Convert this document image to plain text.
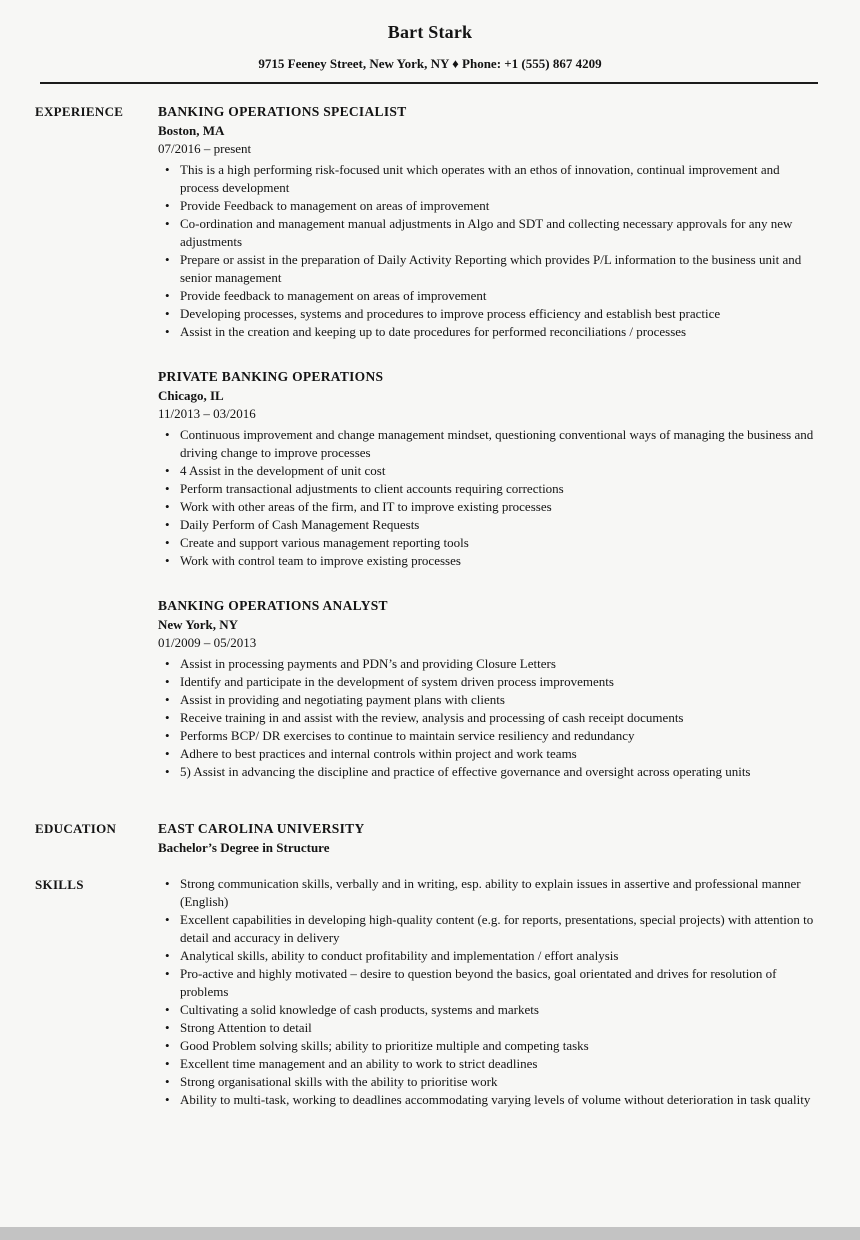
Bart Stark
9715 Feeney Street, New York, NY ♦ Phone: +1 (555) 867 4209
EXPERIENCE	BANKING OPERATIONS SPECIALIST
Boston, MA
07/2016 – present
• This is a high performing risk-focused unit which operates with an ethos of innovation, continual improvement and process development
• Provide Feedback to management on areas of improvement
• Co-ordination and management manual adjustments in Algo and SDT and collecting necessary approvals for any new adjustments
• Prepare or assist in the preparation of Daily Activity Reporting which provides P/L information to the business unit and senior management
• Provide feedback to management on areas of improvement
• Developing processes, systems and procedures to improve process efficiency and establish best practice
• Assist in the creation and keeping up to date procedures for performed reconciliations / processes
PRIVATE BANKING OPERATIONS
Chicago, IL
11/2013 – 03/2016
• Continuous improvement and change management mindset, questioning conventional ways of managing the business and driving change to improve processes
• 4 Assist in the development of unit cost
• Perform transactional adjustments to client accounts requiring corrections
• Work with other areas of the firm, and IT to improve existing processes
• Daily Perform of Cash Management Requests
• Create and support various management reporting tools
• Work with control team to improve existing processes
BANKING OPERATIONS ANALYST
New York, NY
01/2009 – 05/2013
• Assist in processing payments and PDN’s and providing Closure Letters
• Identify and participate in the development of system driven process improvements
• Assist in providing and negotiating payment plans with clients
• Receive training in and assist with the review, analysis and processing of cash receipt documents
• Performs BCP/ DR exercises to continue to maintain service resiliency and redundancy
• Adhere to best practices and internal controls within project and work teams
• 5) Assist in advancing the discipline and practice of effective governance and oversight across operating units
EDUCATION	EAST CAROLINA UNIVERSITY
Bachelor’s Degree in Structure
SKILLS	• Strong communication skills, verbally and in writing, esp. ability to explain issues in assertive and professional manner (English)
• Excellent capabilities in developing high-quality content (e.g. for reports, presentations, special projects) with attention to detail and accuracy in delivery
• Analytical skills, ability to conduct profitability and implementation / effort analysis
• Pro-active and highly motivated – desire to question beyond the basics, goal orientated and drives for resolution of problems
• Cultivating a solid knowledge of cash products, systems and markets
• Strong Attention to detail
• Good Problem solving skills; ability to prioritize multiple and competing tasks
• Excellent time management and an ability to work to strict deadlines
• Strong organisational skills with the ability to prioritise work
• Ability to multi-task, working to deadlines accommodating varying levels of volume without deterioration in task quality
